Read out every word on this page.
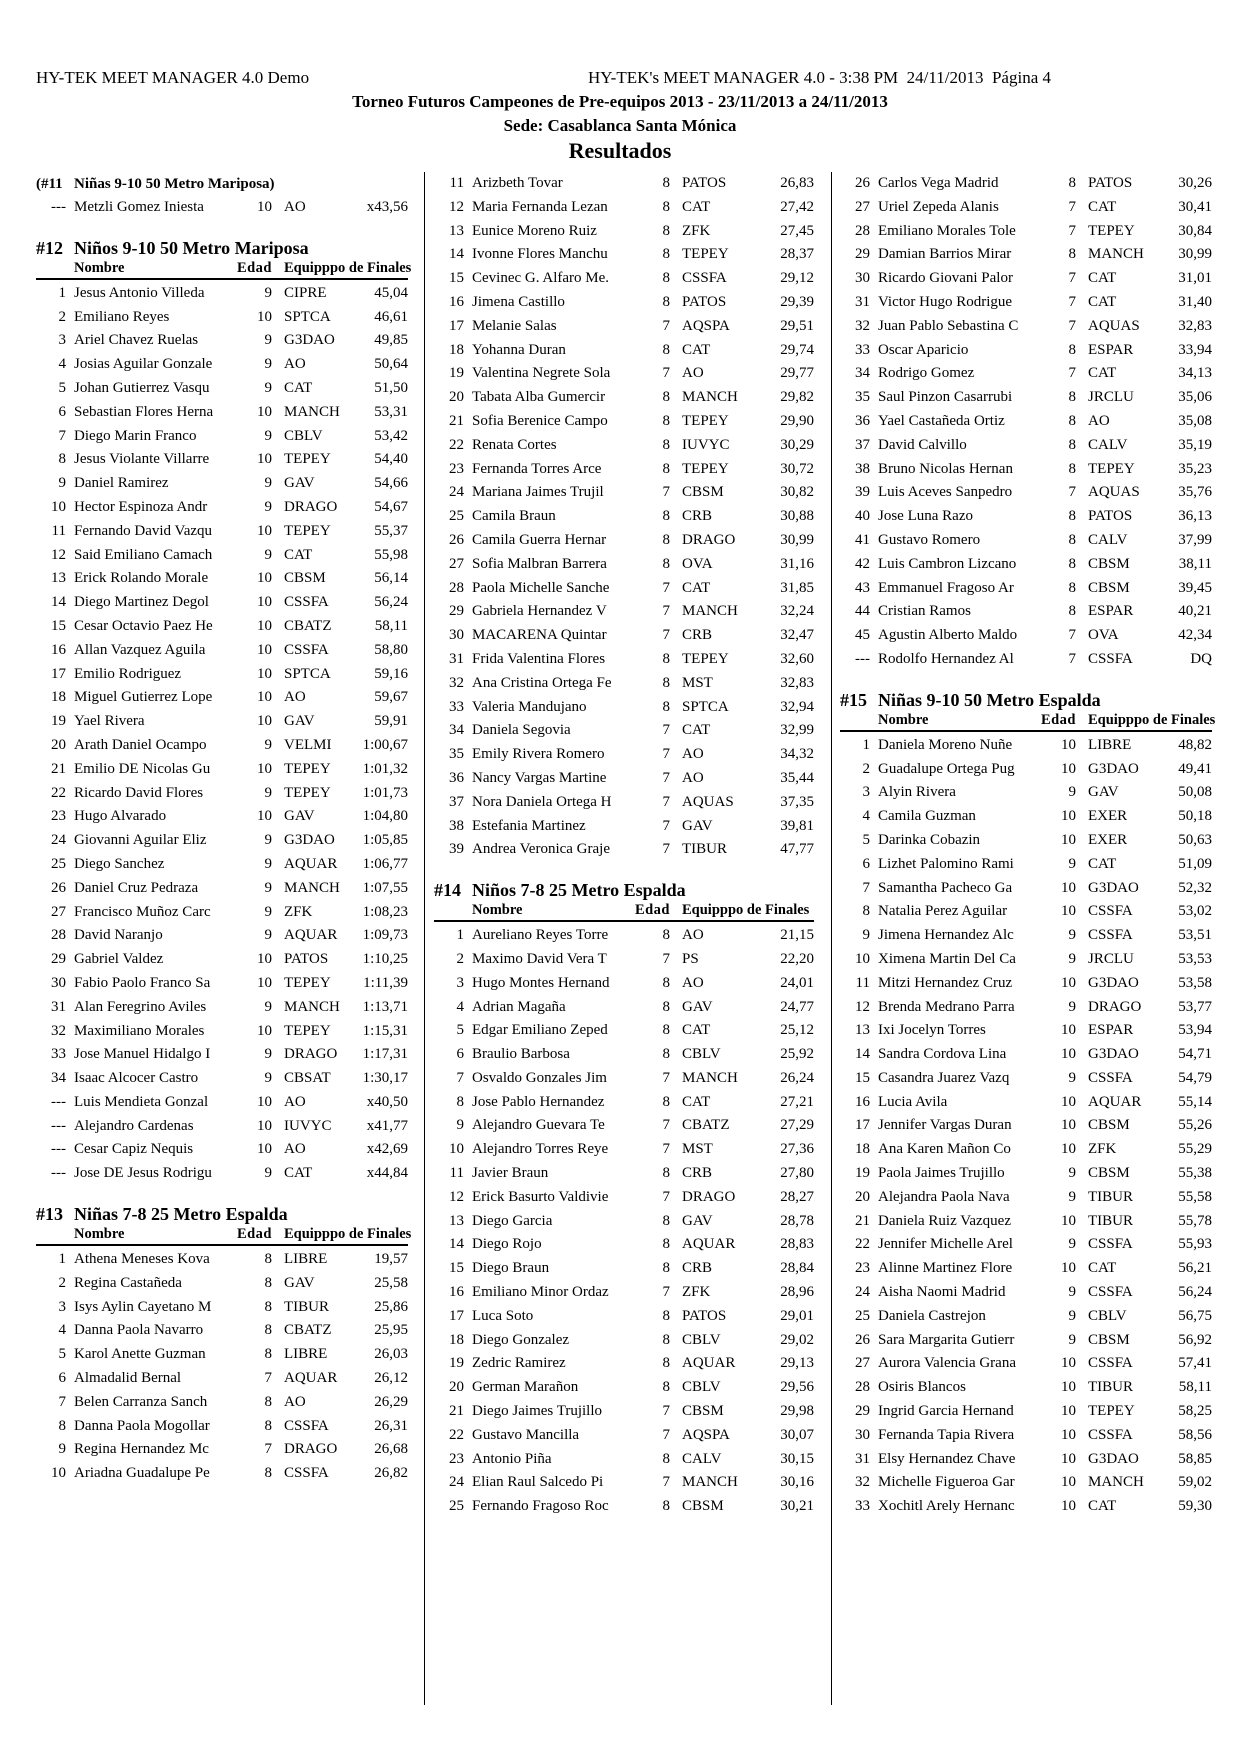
HY-TEK MEET MANAGER 4.0 Demo	HY-TEK's MEET MANAGER 4.0 - 3:38 PM  24/11/2013  Página 4
Torneo Futuros Campeones de Pre-equipos 2013 - 23/11/2013 a 24/11/2013
Sede: Casablanca Santa Mónica
Resultados
(#11 Niñas 9-10 50 Metro Mariposa)
--- Metzli Gomez Iniesta	10 AO	x43,56
#12 Niños 9-10 50 Metro Mariposa
Nombre	Edad Equipppo de Finales
1 Jesus Antonio Villeda	9 CIPRE	45,04
2 Emiliano Reyes	10 SPTCA	46,61
3 Ariel Chavez Ruelas	9 G3DAO	49,85
4 Josias Aguilar Gonzale	9 AO	50,64
5 Johan Gutierrez Vasqu	9 CAT	51,50
6 Sebastian Flores Herna	10 MANCH 53,31
7 Diego Marin Franco	9 CBLV	53,42
8 Jesus Violante Villarre	10 TEPEY	54,40
9 Daniel Ramirez	9 GAV	54,66
10 Hector Espinoza Andr	9 DRAGO 54,67
11 Fernando David Vazqu	10 TEPEY	55,37
12 Said Emiliano Camach	9 CAT	55,98
13 Erick Rolando Morale	10 CBSM	56,14
14 Diego Martinez Degol	10 CSSFA	56,24
15 Cesar Octavio Paez He	10 CBATZ	58,11
16 Allan Vazquez Aguila	10 CSSFA	58,80
17 Emilio Rodriguez	10 SPTCA	59,16
18 Miguel Gutierrez Lope	10 AO	59,67
19 Yael Rivera	10 GAV	59,91
20 Arath Daniel Ocampo	9 VELMI 1:00,67
21 Emilio DE Nicolas Gu	10 TEPEY 1:01,32
22 Ricardo David Flores	9 TEPEY 1:01,73
23 Hugo Alvarado	10 GAV	1:04,80
24 Giovanni Aguilar Eliz	9 G3DAO 1:05,85
25 Diego Sanchez	9 AQUAR 1:06,77
26 Daniel Cruz Pedraza	9 MANCH 1:07,55
27 Francisco Muñoz Carc	9 ZFK	1:08,23
28 David Naranjo	9 AQUAR 1:09,73
29 Gabriel Valdez	10 PATOS 1:10,25
30 Fabio Paolo Franco Sa	10 TEPEY 1:11,39
31 Alan Feregrino Aviles	9 MANCH 1:13,71
32 Maximiliano Morales	10 TEPEY 1:15,31
33 Jose Manuel Hidalgo I	9 DRAGO 1:17,31
34 Isaac Alcocer Castro	9 CBSAT 1:30,17
--- Luis Mendieta Gonzal	10 AO	x40,50
--- Alejandro Cardenas	10 IUVYC x41,77
--- Cesar Capiz Nequis	10 AO	x42,69
--- Jose DE Jesus Rodrigu	9 CAT	x44,84
#13 Niñas 7-8 25 Metro Espalda
Nombre	Edad Equipppo de Finales
1 Athena Meneses Kova	8 LIBRE	19,57
2 Regina Castañeda	8 GAV	25,58
3 Isys Aylin Cayetano M	8 TIBUR	25,86
4 Danna Paola Navarro	8 CBATZ	25,95
5 Karol Anette Guzman	8 LIBRE	26,03
6 Almadalid Bernal	7 AQUAR 26,12
7 Belen Carranza Sanch	8 AO	26,29
8 Danna Paola Mogollar	8 CSSFA	26,31
9 Regina Hernandez Mc	7 DRAGO 26,68
10 Ariadna Guadalupe Pe	8 CSSFA	26,82
11 Arizbeth Tovar	8 PATOS	26,83
12 Maria Fernanda Lezan	8 CAT	27,42
13 Eunice Moreno Ruiz	8 ZFK	27,45
14 Ivonne Flores Manchu	8 TEPEY	28,37
15 Cevinec G. Alfaro Me.	8 CSSFA	29,12
16 Jimena Castillo	8 PATOS	29,39
17 Melanie Salas	7 AQSPA	29,51
18 Yohanna Duran	8 CAT	29,74
19 Valentina Negrete Sola	7 AO	29,77
20 Tabata Alba Gumercir	8 MANCH	29,82
21 Sofia Berenice Campo	8 TEPEY	29,90
22 Renata Cortes	8 IUVYC	30,29
23 Fernanda Torres Arce	8 TEPEY	30,72
24 Mariana Jaimes Trujil	7 CBSM	30,82
25 Camila Braun	8 CRB	30,88
26 Camila Guerra Hernar	8 DRAGO	30,99
27 Sofia Malbran Barrera	8 OVA	31,16
28 Paola Michelle Sanche	7 CAT	31,85
29 Gabriela Hernandez V	7 MANCH	32,24
30 MACARENA Quintar	7 CRB	32,47
31 Frida Valentina Flores	8 TEPEY	32,60
32 Ana Cristina Ortega Fe	8 MST	32,83
33 Valeria Mandujano	8 SPTCA	32,94
34 Daniela Segovia	7 CAT	32,99
35 Emily Rivera Romero	7 AO	34,32
36 Nancy Vargas Martine	7 AO	35,44
37 Nora Daniela Ortega H	7 AQUAS	37,35
38 Estefania Martinez	7 GAV	39,81
39 Andrea Veronica Graje	7 TIBUR	47,77
#14 Niños 7-8 25 Metro Espalda
Nombre	Edad Equipppo de Finales
1 Aureliano Reyes Torre	8 AO	21,15
2 Maximo David Vera T	7 PS	22,20
3 Hugo Montes Hernand	8 AO	24,01
4 Adrian Magaña	8 GAV	24,77
5 Edgar Emiliano Zeped	8 CAT	25,12
6 Braulio Barbosa	8 CBLV	25,92
7 Osvaldo Gonzales Jim	7 MANCH	26,24
8 Jose Pablo Hernandez	8 CAT	27,21
9 Alejandro Guevara Te	7 CBATZ	27,29
10 Alejandro Torres Reye	7 MST	27,36
11 Javier Braun	8 CRB	27,80
12 Erick Basurto Valdivie	7 DRAGO	28,27
13 Diego Garcia	8 GAV	28,78
14 Diego Rojo	8 AQUAR	28,83
15 Diego Braun	8 CRB	28,84
16 Emiliano Minor Ordaz	7 ZFK	28,96
17 Luca Soto	8 PATOS	29,01
18 Diego Gonzalez	8 CBLV	29,02
19 Zedric Ramirez	8 AQUAR	29,13
20 German Marañon	8 CBLV	29,56
21 Diego Jaimes Trujillo	7 CBSM	29,98
22 Gustavo Mancilla	7 AQSPA	30,07
23 Antonio Piña	8 CALV	30,15
24 Elian Raul Salcedo Pi	7 MANCH	30,16
25 Fernando Fragoso Roc	8 CBSM	30,21
26 Carlos Vega Madrid	8 PATOS	30,26
27 Uriel Zepeda Alanis	7 CAT	30,41
28 Emiliano Morales Tole	7 TEPEY	30,84
29 Damian Barrios Mirar	8 MANCH 30,99
30 Ricardo Giovani Palor	7 CAT	31,01
31 Victor Hugo Rodrigue	7 CAT	31,40
32 Juan Pablo Sebastina C	7 AQUAS	32,83
33 Oscar Aparicio	8 ESPAR	33,94
34 Rodrigo Gomez	7 CAT	34,13
35 Saul Pinzon Casarrubi	8 JRCLU	35,06
36 Yael Castañeda Ortiz	8 AO	35,08
37 David Calvillo	8 CALV	35,19
38 Bruno Nicolas Hernan	8 TEPEY	35,23
39 Luis Aceves Sanpedro	7 AQUAS	35,76
40 Jose Luna Razo	8 PATOS	36,13
41 Gustavo Romero	8 CALV	37,99
42 Luis Cambron Lizcano	8 CBSM	38,11
43 Emmanuel Fragoso Ar	8 CBSM	39,45
44 Cristian Ramos	8 ESPAR	40,21
45 Agustin Alberto Maldo	7 OVA	42,34
--- Rodolfo Hernandez Al	7 CSSFA	DQ
#15 Niñas 9-10 50 Metro Espalda
Nombre	Edad Equipppo de Finales
1 Daniela Moreno Nuñe	10 LIBRE	48,82
2 Guadalupe Ortega Pug	10 G3DAO	49,41
3 Alyin Rivera	9 GAV	50,08
4 Camila Guzman	10 EXER	50,18
5 Darinka Cobazin	10 EXER	50,63
6 Lizhet Palomino Rami	9 CAT	51,09
7 Samantha Pacheco Ga	10 G3DAO	52,32
8 Natalia Perez Aguilar	10 CSSFA	53,02
9 Jimena Hernandez Alc	9 CSSFA	53,51
10 Ximena Martin Del Ca	9 JRCLU	53,53
11 Mitzi Hernandez Cruz	10 G3DAO	53,58
12 Brenda Medrano Parra	9 DRAGO 53,77
13 Ixi Jocelyn Torres	10 ESPAR	53,94
14 Sandra Cordova Lina	10 G3DAO	54,71
15 Casandra Juarez Vazq	9 CSSFA	54,79
16 Lucia Avila	10 AQUAR 55,14
17 Jennifer Vargas Duran	10 CBSM	55,26
18 Ana Karen Mañon Co	10 ZFK	55,29
19 Paola Jaimes Trujillo	9 CBSM	55,38
20 Alejandra Paola Nava	9 TIBUR	55,58
21 Daniela Ruiz Vazquez	10 TIBUR	55,78
22 Jennifer Michelle Arel	9 CSSFA	55,93
23 Alinne Martinez Flore	10 CAT	56,21
24 Aisha Naomi Madrid	9 CSSFA	56,24
25 Daniela Castrejon	9 CBLV	56,75
26 Sara Margarita Gutierr	9 CBSM	56,92
27 Aurora Valencia Grana	10 CSSFA	57,41
28 Osiris Blancos	10 TIBUR	58,11
29 Ingrid Garcia Hernand	10 TEPEY	58,25
30 Fernanda Tapia Rivera	10 CSSFA	58,56
31 Elsy Hernandez Chave	10 G3DAO	58,85
32 Michelle Figueroa Gar	10 MANCH 59,02
33 Xochitl Arely Hernanc	10 CAT	59,30
